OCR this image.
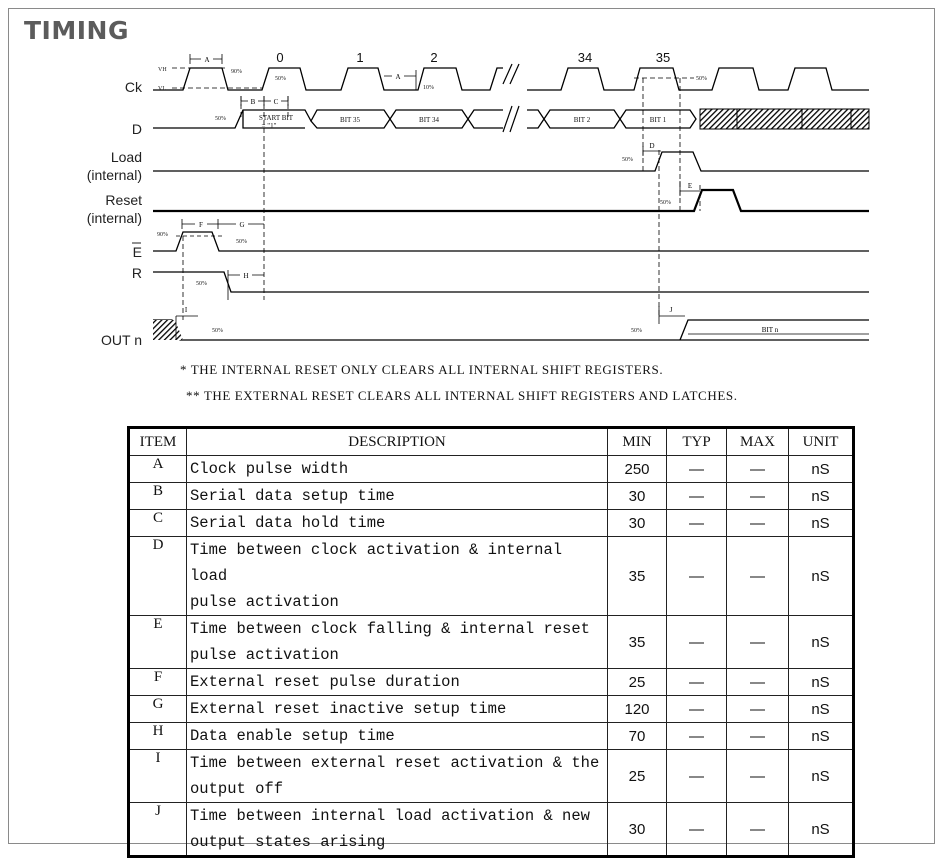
TIMING
Ck
D
Load
(internal)
Reset
(internal)
E
R
OUT n
0	1	2	34	35
VH
VL
90%
50%
10%
50%
50%
50%
50%
90%
50%
50%
50%	50%
A
A
BIT 35	BIT 34	BIT 2	BIT 1
START BIT
= "1"
B	C
D
E
F	G
H
BIT n
I	J
* THE INTERNAL RESET ONLY CLEARS ALL INTERNAL SHIFT REGISTERS.
** THE EXTERNAL RESET CLEARS ALL INTERNAL SHIFT REGISTERS AND LATCHES.
ITEM	DESCRIPTION	MIN	TYP	MAX	UNIT
A	Clock pulse width	250	—	—	nS
B	Serial data setup time	30	—	—	nS
C	Serial data hold time	30	—	—	nS
D	Time between clock activation & internal load
pulse activation	35	—	—	nS
E	Time between clock falling & internal reset
pulse activation	35	—	—	nS
F	External reset pulse duration	25	—	—	nS
G	External reset inactive setup time	120	—	—	nS
H	Data enable setup time	70	—	—	nS
I	Time between external reset activation & the
output off	25	—	—	nS
J	Time between internal load activation & new
output states arising	30	—	—	nS
